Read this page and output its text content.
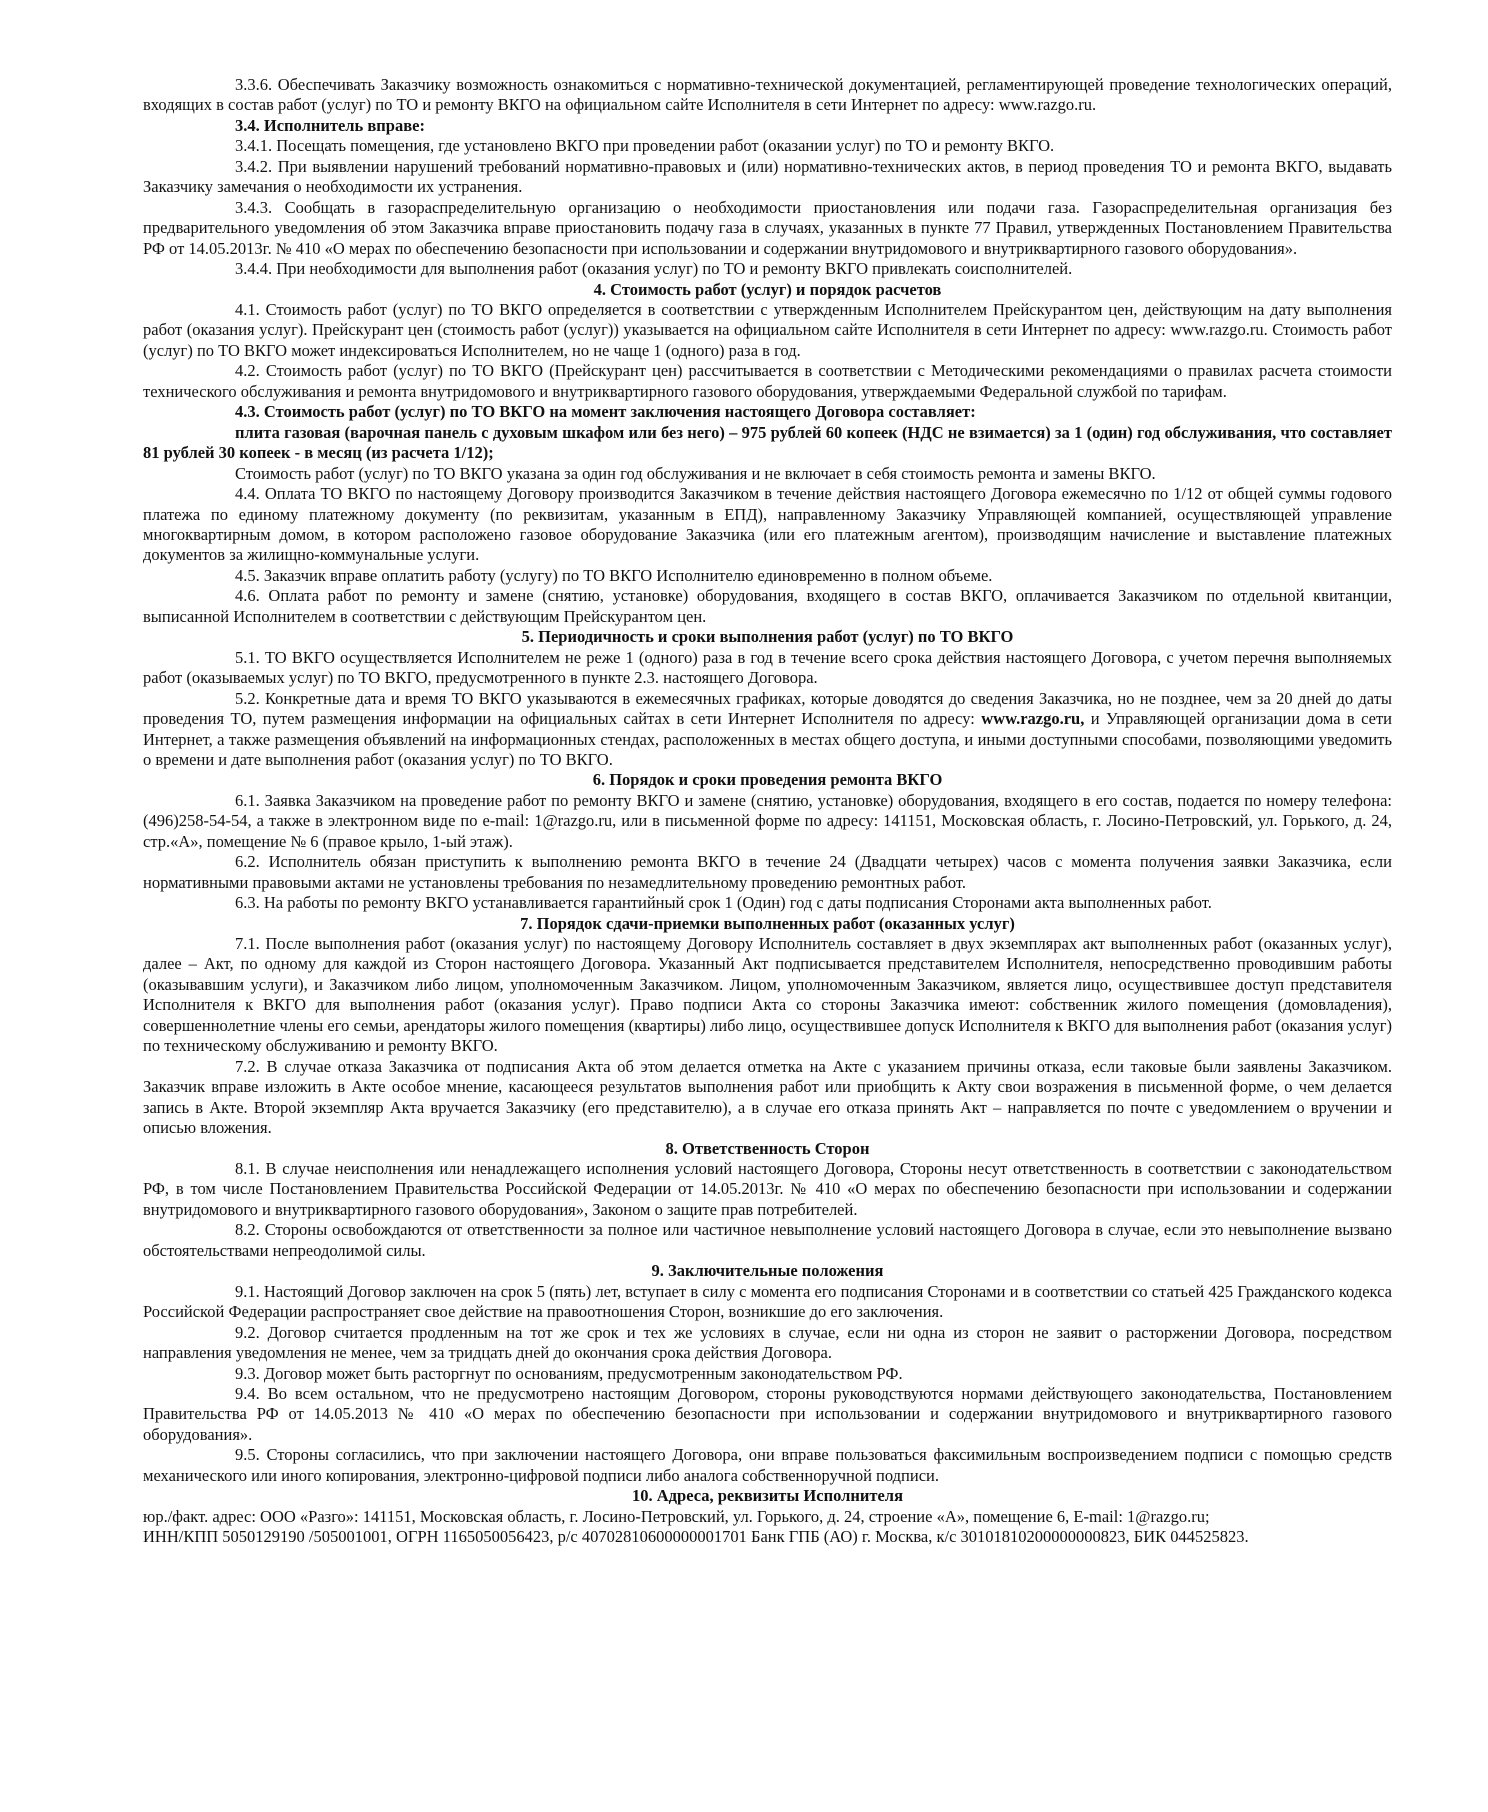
3.3.6. Обеспечивать Заказчику возможность ознакомиться с нормативно-технической документацией, регламентирующей проведение технологических операций, входящих в состав работ (услуг) по ТО и ремонту ВКГО на официальном сайте Исполнителя в сети Интернет по адресу: www.razgo.ru.

3.4. Исполнитель вправе:

3.4.1. Посещать помещения, где установлено ВКГО при проведении работ (оказании услуг) по ТО и ремонту ВКГО.

3.4.2. При выявлении нарушений требований нормативно-правовых и (или) нормативно-технических актов, в период проведения ТО и ремонта ВКГО, выдавать Заказчику замечания о необходимости их устранения.

3.4.3. Сообщать в газораспределительную организацию о необходимости приостановления или подачи газа. Газораспределительная организация без предварительного уведомления об этом Заказчика вправе приостановить подачу газа в случаях, указанных в пункте 77 Правил, утвержденных Постановлением Правительства РФ от 14.05.2013г. № 410 «О мерах по обеспечению безопасности при использовании и содержании внутридомового и внутриквартирного газового оборудования».

3.4.4. При необходимости для выполнения работ (оказания услуг) по ТО и ремонту ВКГО привлекать соисполнителей.

4. Стоимость работ (услуг) и порядок расчетов

4.1. Стоимость работ (услуг) по ТО ВКГО определяется в соответствии с утвержденным Исполнителем Прейскурантом цен, действующим на дату выполнения работ (оказания услуг). Прейскурант цен (стоимость работ (услуг)) указывается на официальном сайте Исполнителя в сети Интернет по адресу: www.razgo.ru. Стоимость работ (услуг) по ТО ВКГО может индексироваться Исполнителем, но не чаще 1 (одного) раза в год.

4.2. Стоимость работ (услуг) по ТО ВКГО (Прейскурант цен) рассчитывается в соответствии с Методическими рекомендациями о правилах расчета стоимости технического обслуживания и ремонта внутридомового и внутриквартирного газового оборудования, утверждаемыми Федеральной службой по тарифам.

4.3. Стоимость работ (услуг) по ТО ВКГО на момент заключения настоящего Договора составляет:

плита газовая (варочная панель с духовым шкафом или без него) – 975 рублей 60 копеек (НДС не взимается) за 1 (один) год обслуживания, что составляет 81 рублей 30 копеек - в месяц (из расчета 1/12);

Стоимость работ (услуг) по ТО ВКГО указана за один год обслуживания и не включает в себя стоимость ремонта и замены ВКГО.

4.4. Оплата ТО ВКГО по настоящему Договору производится Заказчиком в течение действия настоящего Договора ежемесячно по 1/12 от общей суммы годового платежа по единому платежному документу (по реквизитам, указанным в ЕПД), направленному Заказчику Управляющей компанией, осуществляющей управление многоквартирным домом, в котором расположено газовое оборудование Заказчика (или его платежным агентом), производящим начисление и выставление платежных документов за жилищно-коммунальные услуги.

4.5. Заказчик вправе оплатить работу (услугу) по ТО ВКГО Исполнителю единовременно в полном объеме.

4.6. Оплата работ по ремонту и замене (снятию, установке) оборудования, входящего в состав ВКГО, оплачивается Заказчиком по отдельной квитанции, выписанной Исполнителем в соответствии с действующим Прейскурантом цен.

5. Периодичность и сроки выполнения работ (услуг) по ТО ВКГО

5.1. ТО ВКГО осуществляется Исполнителем не реже 1 (одного) раза в год в течение всего срока действия настоящего Договора, с учетом перечня выполняемых работ (оказываемых услуг) по ТО ВКГО, предусмотренного в пункте 2.3. настоящего Договора.

5.2. Конкретные дата и время ТО ВКГО указываются в ежемесячных графиках, которые доводятся до сведения Заказчика, но не позднее, чем за 20 дней до даты проведения ТО, путем размещения информации на официальных сайтах в сети Интернет Исполнителя по адресу: www.razgo.ru, и Управляющей организации дома в сети Интернет, а также размещения объявлений на информационных стендах, расположенных в местах общего доступа, и иными доступными способами, позволяющими уведомить о времени и дате выполнения работ (оказания услуг) по ТО ВКГО.

6. Порядок и сроки проведения ремонта ВКГО

6.1. Заявка Заказчиком на проведение работ по ремонту ВКГО и замене (снятию, установке) оборудования, входящего в его состав, подается по номеру телефона: (496)258-54-54, а также в электронном виде по e-mail: 1@razgo.ru, или в письменной форме по адресу: 141151, Московская область, г. Лосино-Петровский, ул. Горького, д. 24, стр.«А», помещение № 6 (правое крыло, 1-ый этаж).

6.2. Исполнитель обязан приступить к выполнению ремонта ВКГО в течение 24 (Двадцати четырех) часов с момента получения заявки Заказчика, если нормативными правовыми актами не установлены требования по незамедлительному проведению ремонтных работ.

6.3. На работы по ремонту ВКГО устанавливается гарантийный срок 1 (Один) год с даты подписания Сторонами акта выполненных работ.

7. Порядок сдачи-приемки выполненных работ (оказанных услуг)

7.1. После выполнения работ (оказания услуг) по настоящему Договору Исполнитель составляет в двух экземплярах акт выполненных работ (оказанных услуг), далее – Акт, по одному для каждой из Сторон настоящего Договора. Указанный Акт подписывается представителем Исполнителя, непосредственно проводившим работы (оказывавшим услуги), и Заказчиком либо лицом, уполномоченным Заказчиком. Лицом, уполномоченным Заказчиком, является лицо, осуществившее доступ представителя Исполнителя к ВКГО для выполнения работ (оказания услуг). Право подписи Акта со стороны Заказчика имеют: собственник жилого помещения (домовладения), совершеннолетние члены его семьи, арендаторы жилого помещения (квартиры) либо лицо, осуществившее допуск Исполнителя к ВКГО для выполнения работ (оказания услуг) по техническому обслуживанию и ремонту ВКГО.

7.2. В случае отказа Заказчика от подписания Акта об этом делается отметка на Акте с указанием причины отказа, если таковые были заявлены Заказчиком. Заказчик вправе изложить в Акте особое мнение, касающееся результатов выполнения работ или приобщить к Акту свои возражения в письменной форме, о чем делается запись в Акте. Второй экземпляр Акта вручается Заказчику (его представителю), а в случае его отказа принять Акт – направляется по почте с уведомлением о вручении и описью вложения.

8. Ответственность Сторон

8.1. В случае неисполнения или ненадлежащего исполнения условий настоящего Договора, Стороны несут ответственность в соответствии с законодательством РФ, в том числе Постановлением Правительства Российской Федерации от 14.05.2013г. № 410 «О мерах по обеспечению безопасности при использовании и содержании внутридомового и внутриквартирного газового оборудования», Законом о защите прав потребителей.

8.2. Стороны освобождаются от ответственности за полное или частичное невыполнение условий настоящего Договора в случае, если это невыполнение вызвано обстоятельствами непреодолимой силы.

9. Заключительные положения

9.1. Настоящий Договор заключен на срок 5 (пять) лет, вступает в силу с момента его подписания Сторонами и в соответствии со статьей 425 Гражданского кодекса Российской Федерации распространяет свое действие на правоотношения Сторон, возникшие до его заключения.

9.2. Договор считается продленным на тот же срок и тех же условиях в случае, если ни одна из сторон не заявит о расторжении Договора, посредством направления уведомления не менее, чем за тридцать дней до окончания срока действия Договора.

9.3. Договор может быть расторгнут по основаниям, предусмотренным законодательством РФ.

9.4. Во всем остальном, что не предусмотрено настоящим Договором, стороны руководствуются нормами действующего законодательства, Постановлением Правительства РФ от 14.05.2013 № 410 «О мерах по обеспечению безопасности при использовании и содержании внутридомового и внутриквартирного газового оборудования».

9.5. Стороны согласились, что при заключении настоящего Договора, они вправе пользоваться факсимильным воспроизведением подписи с помощью средств механического или иного копирования, электронно-цифровой подписи либо аналога собственноручной подписи.

10. Адреса, реквизиты Исполнителя

юр./факт. адрес: ООО «Разго»: 141151, Московская область, г. Лосино-Петровский, ул. Горького, д. 24, строение «А», помещение 6, E-mail: 1@razgo.ru;

ИНН/КПП 5050129190 /505001001, ОГРН 1165050056423, р/с 40702810600000001701 Банк ГПБ (АО) г. Москва, к/с 30101810200000000823, БИК 044525823.
